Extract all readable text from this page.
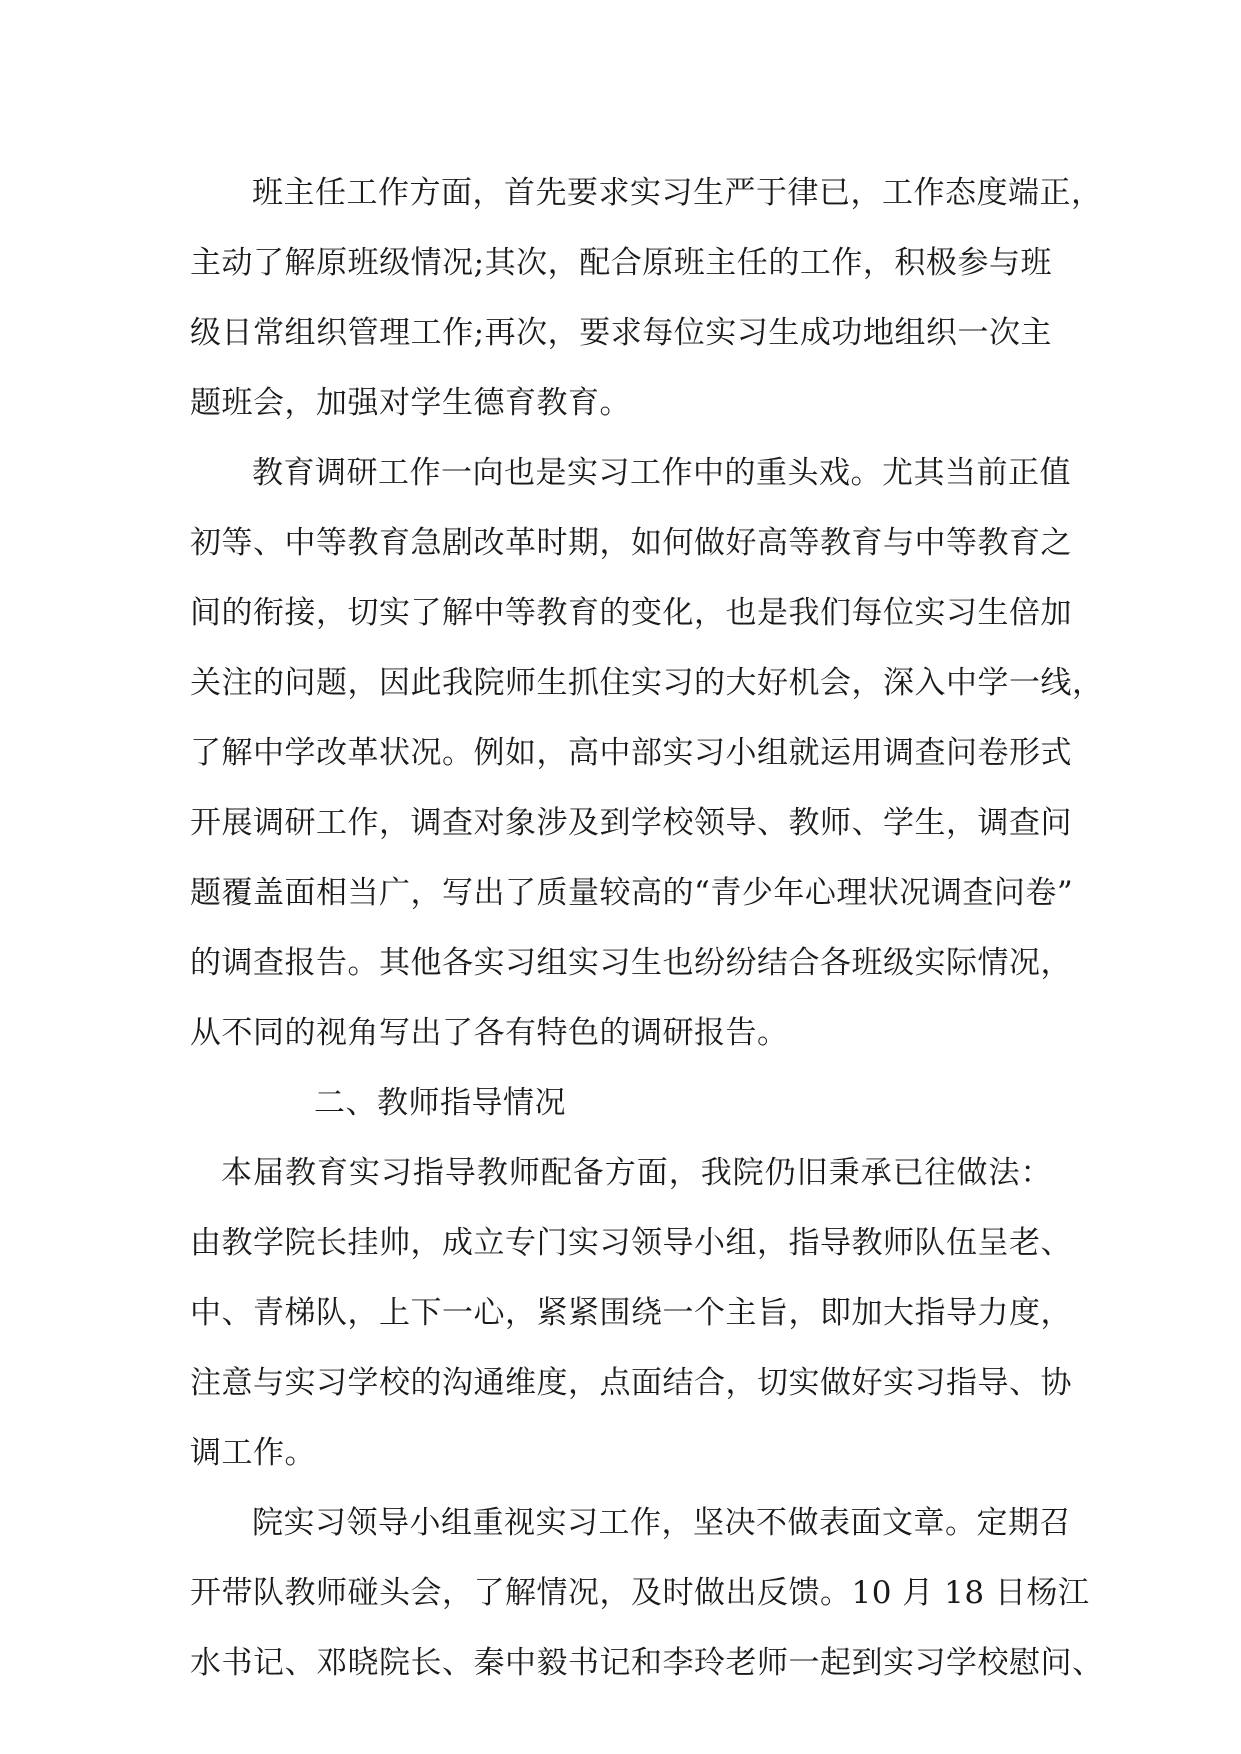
班主任工作方面，首先要求实习生严于律已，工作态度端正，
主动了解原班级情况;其次，配合原班主任的工作，积极参与班
级日常组织管理工作;再次，要求每位实习生成功地组织一次主
题班会，加强对学生德育教育。
教育调研工作一向也是实习工作中的重头戏。尤其当前正值
初等、中等教育急剧改革时期，如何做好高等教育与中等教育之
间的衔接，切实了解中等教育的变化，也是我们每位实习生倍加
关注的问题，因此我院师生抓住实习的大好机会，深入中学一线，
了解中学改革状况。例如，高中部实习小组就运用调查问卷形式
开展调研工作，调查对象涉及到学校领导、教师、学生，调查问
题覆盖面相当广，写出了质量较高的“青少年心理状况调查问卷”
的调查报告。其他各实习组实习生也纷纷结合各班级实际情况，
从不同的视角写出了各有特色的调研报告。
二、教师指导情况
本届教育实习指导教师配备方面，我院仍旧秉承已往做法：
由教学院长挂帅，成立专门实习领导小组，指导教师队伍呈老、
中、青梯队，上下一心，紧紧围绕一个主旨，即加大指导力度，
注意与实习学校的沟通维度，点面结合，切实做好实习指导、协
调工作。
院实习领导小组重视实习工作，坚决不做表面文章。定期召
开带队教师碰头会，了解情况，及时做出反馈。10 月 18 日杨江
水书记、邓晓院长、秦中毅书记和李玲老师一起到实习学校慰问、
